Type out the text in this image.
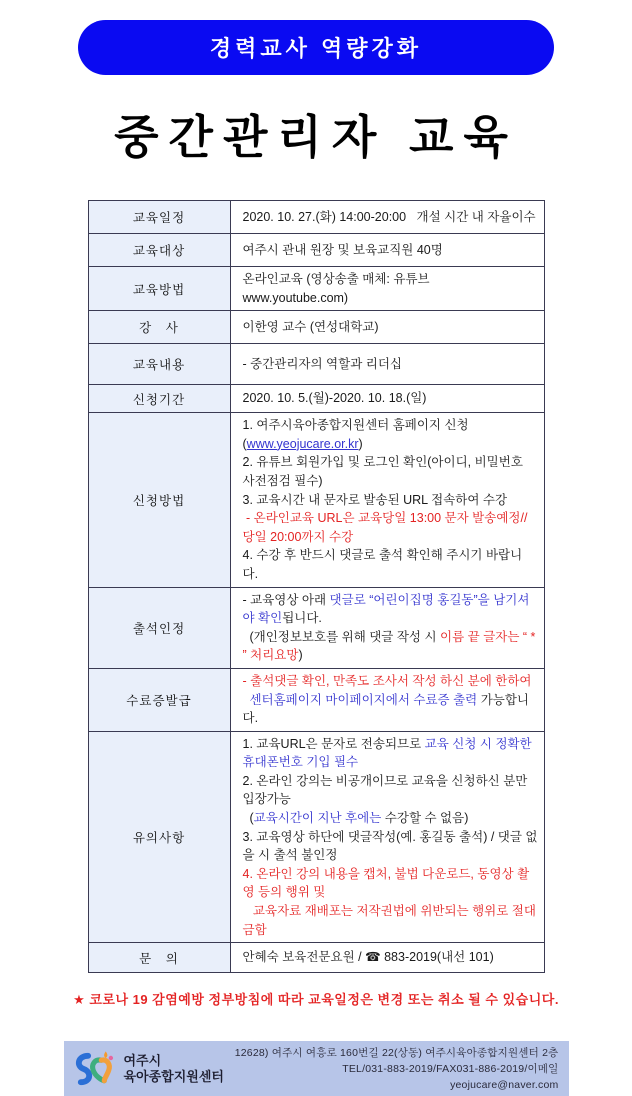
경력교사 역량강화
중간관리자 교육
교육일정	2020. 10. 27.(화) 14:00-20:00   개설 시간 내 자율이수

교육대상	여주시 관내 원장 및 보육교직원 40명

교육방법	온라인교육 (영상송출 매체: 유튜브   www.youtube.com)

강　사	이한영 교수 (연성대학교)

교육내용	- 중간관리자의 역할과 리더십

신청기간	2020. 10. 5.(월)-2020. 10. 18.(일)

신청방법	1. 여주시육아종합지원센터 홈페이지 신청(www.yeojucare.or.kr)
2. 유튜브 회원가입 및 로그인 확인(아이디, 비밀번호 사전점검 필수)
3. 교육시간 내 문자로 발송된 URL 접속하여 수강
- 온라인교육 URL은 교육당일 13:00 문자 발송예정//당일 20:00까지 수강
4. 수강 후 반드시 댓글로 출석 확인해 주시기 바랍니다.

출석인정	- 교육영상 아래 댓글로 “어린이집명 홍길동”을 남기셔야 확인됩니다.
(개인정보보호를 위해 댓글 작성 시 이름 끝 글자는 “ * ” 처리요망)

수료증발급	- 출석댓글 확인, 만족도 조사서 작성 하신 분에 한하여
센터홈페이지 마이페이지에서 수료증 출력 가능합니다.

유의사항	
1. 교육URL은 문자로 전송되므로 교육 신청 시 정확한 휴대폰번호 기입 필수
2. 온라인 강의는 비공개이므로 교육을 신청하신 분만 입장가능
(교육시간이 지난 후에는 수강할 수 없음)
3. 교육영상 하단에 댓글작성(예. 홍길동 출석) / 댓글 없을 시 출석 불인정
4. 온라인 강의 내용을 캡처, 불법 다운로드, 동영상 촬영 등의 행위 및
교육자료 재배포는 저작권법에 위반되는 행위로 절대 금함

문　의	안혜숙 보육전문요원 / ☎ 883-2019(내선 101)
★ 코로나 19 감염예방 정부방침에 따라 교육일정은 변경 또는 취소 될 수 있습니다.
여주시
육아종합지원센터
12628) 여주시 여흥로 160번길 22(상동) 여주시육아종합지원센터 2층
TEL/031-883-2019/FAX031-886-2019/이메일 yeojucare@naver.com
